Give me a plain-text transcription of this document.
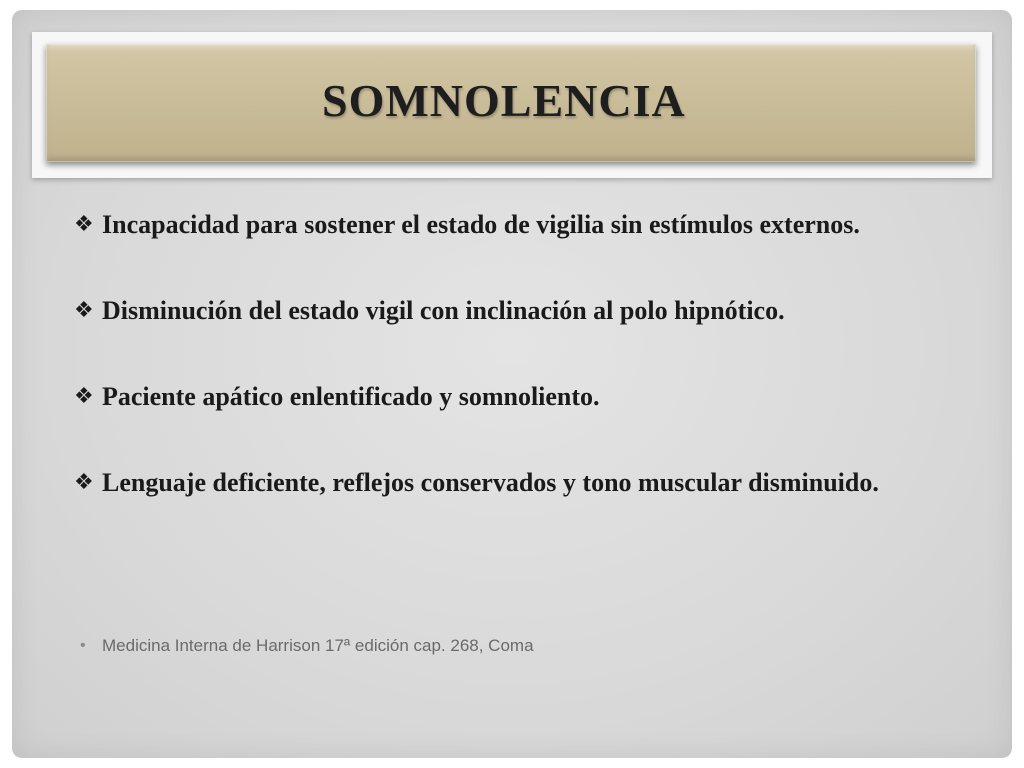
SOMNOLENCIA
❖ Incapacidad para sostener el estado de vigilia sin estímulos externos.
❖ Disminución del estado vigil con inclinación al polo hipnótico.
❖ Paciente apático enlentificado y somnoliento.
❖ Lenguaje deficiente, reflejos conservados y tono muscular disminuido.

• Medicina Interna de Harrison 17ª edición cap. 268, Coma
